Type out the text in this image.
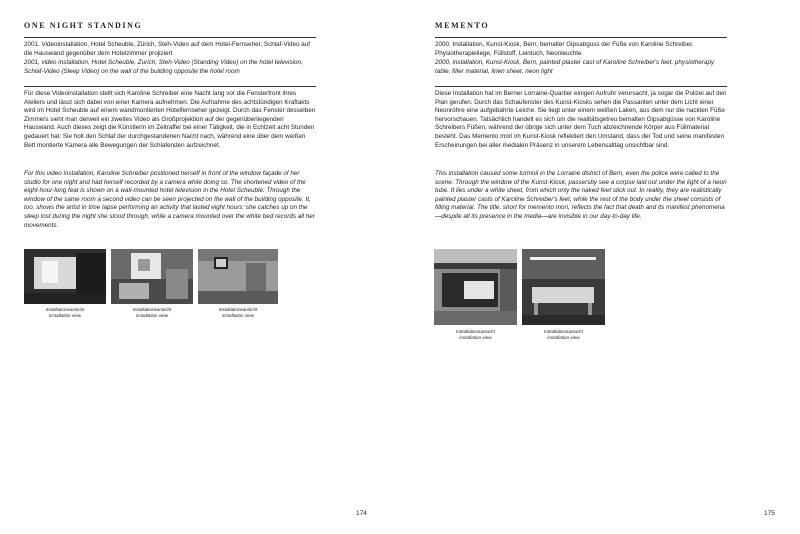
ONE NIGHT STANDING

2001, Videoinstallation, Hotel Scheuble, Zürich, Steh-Video auf dem Hotel-Fernseher, Schlaf-Video auf die Hauswand gegenüber dem Hotelzimmer projiziert

2001, video installation, Hotel Scheuble, Zurich, Steh-Video (Standing Video) on the hotel television, Schlaf-Video (Sleep Video) on the wall of the building opposite the hotel room

Für diese Videoinstallation stellt sich Karoline Schreiber eine Nacht lang vor die Fensterfront ihres Ateliers und lässt sich dabei von einer Kamera aufnehmen. Die Aufnahme des achtstündigen Kraftakts wird im Hotel Scheuble auf einem wandmontierten Hotelfernseher gezeigt. Durch das Fenster desselben Zimmers sieht man derweil ein zweites Video als Großprojektion auf der gegenüberliegenden Hauswand. Auch dieses zeigt die Künstlerin im Zeitraffer bei einer Tätigkeit, die in Echtzeit acht Stunden gedauert hat: Sie holt den Schlaf der durchgestandenen Nacht nach, während eine über dem weißen Bett montierte Kamera alle Bewegungen der Schlafenden aufzeichnet.
For this video installation, Karoline Schreiber positioned herself in front of the window façade of her studio for one night and had herself recorded by a camera while doing so. The shortened video of the eight-hour-long feat is shown on a wall-mounted hotel television in the Hotel Scheuble. Through the window of the same room a second video can be seen projected on the wall of the building opposite. It, too, shows the artist in time lapse performing an activity that lasted eight hours: she catches up on the sleep lost during the night she stood through, while a camera mounted over the white bed records all her movements.
Installationsansicht
installation view
Installationsansicht
installation view
Installationsansicht
installation view
174
MEMENTO

2000, Installation, Kunst-Kiosk, Bern, bemalter Gipsabguss der Füße von Karoline Schreiber, Physiotherapieliege, Füllstoff, Leintuch, Neonleuchte

2000, installation, Kunst-Kiosk, Bern, painted plaster cast of Karoline Schreiber's feet, physiotherapy table, filler material, linen sheet, neon light

Diese Installation hat im Berner Lorraine-Quartier einigen Aufruhr verursacht, ja sogar die Polizei auf den Plan gerufen. Durch das Schaufenster des Kunst-Kiosks sehen die Passanten unter dem Licht einer Neonröhre eine aufgebahrte Leiche. Sie liegt unter einem weißen Laken, aus dem nur die nackten Füße hervorschauen. Tatsächlich handelt es sich um die realitätsgetreu bemalten Gipsabgüsse von Karoline Schreibers Füßen, während der übrige sich unter dem Tuch abzeichnende Körper aus Füllmaterial besteht. Das Memento mori im Kunst-Kiosk reflektiert den Umstand, dass der Tod und seine manifesten Erscheinungen bei aller medialen Präsenz in unserem Lebensalltag unsichtbar sind.
This installation caused some turmoil in the Lorraine district of Bern, even the police were called to the scene. Through the window of the Kunst-Kiosk, passersby see a corpse laid out under the light of a neon tube. It lies under a white sheet, from which only the naked feet stick out. In reality, they are realistically painted plaster casts of Karoline Schreiber's feet, while the rest of the body under the sheet consists of filling material. The title, short for memento mori, reflects the fact that death and its manifest phenomena—despite all its presence in the media—are invisible in our day-to-day life.
Installationsansicht
installation view
Installationsansicht
installation view
175
